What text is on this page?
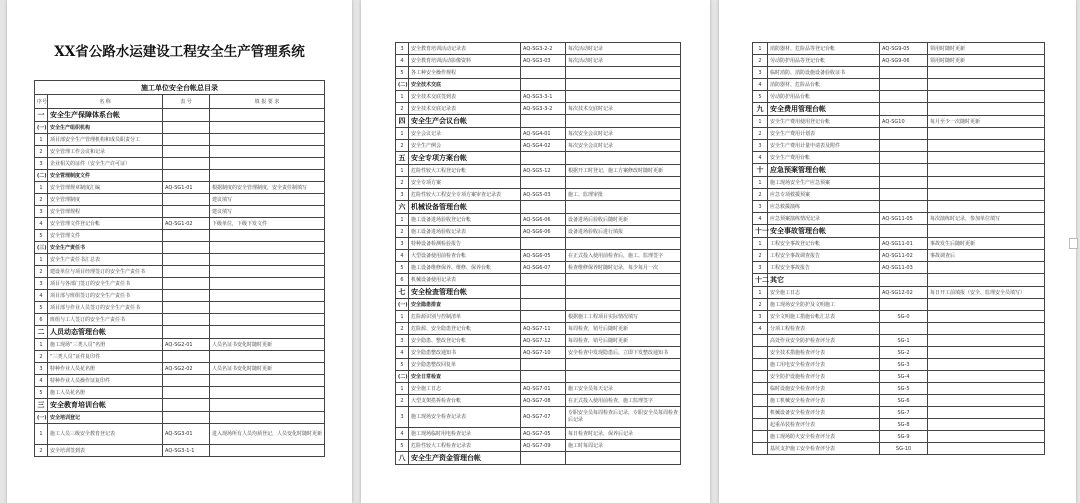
XX省公路水运建设工程安全生产管理系统
施工单位安全台帐总目录			
序号	名 称	表 号	填 报 要 求
一	安全生产保障体系台帐		
(一)	安全生产组织机构		
1	项目部安全生产管理机构和成员职责分工		
2	安全管理工作会议和记录		
3	企业相关的证件（安全生产许可证）		
(二)	安全管理制度文件		
1	安全管理规章制度汇编	AQ-SG1-01	根据制度的安全管理制度，安全责任制填写
2	安全管理制度		建议填写
3	安全管理规程		建议填写
4	安全管理文件登记台帐	AQ-SG1-02	下级单位，下级下发文件
5	安全管理文件		
(三)	安全生产责任书		
1	安全生产责任书汇总表		
2	建设单位与项目经理签订的安全生产责任书		
3	项目与各部门签订的安全生产责任书		
4	项目部与班组签订的安全生产责任书		
5	项目部与作业人员签订的安全生产责任书		
6	班组与工人签订的安全生产责任书		
二	人员动态管理台帐		
1	施工现场“三类人员”名册	AQ-SG2-01	人员名证书变化时随时更新
2	“三类人员”证件复印件		
3	特种作业人员花名册	AQ-SG2-02	人员名证书变化时随时更新
4	特种作业人员操作证复印件		
5	施工人员花名册		
三	安全教育培训台帐		
(一)	安全培训登记		
1	施工人员三级安全教育登记表	AQ-SG3-01	进入现场所有人员均须登记，人员变化时随时更新
2	安全培训签到表	AQ-SG3-1-1	
3	安全教育培训活动记录表	AQ-SG3-2-2	每次活动时记录
4	安全教育培训活动影像资料	AQ-SG3-03	每次活动时记录
5	各工种安全操作规程		
(二)	安全技术交底		
1	安全技术交底签到表	AQ-SG3-3-1	
2	安全技术交底记录表	AQ-SG3-3-2	每次技术交底时记录
四	安全生产会议台帐		
1	安全会议记录	AQ-SG4-01	每次安全会议时记录
2	安全生产例会	AQ-SG4-02	每次安全会议时记录
五	安全专项方案台帐		
1	危险性较大工程登记台帐	AQ-SG5-12	根据开工时登记，施工方案修改时随时更新
2	安全专项方案		
3	危险性较大工程安全专项方案审查记录表	AQ-SG5-03	施工、监理审批
六	机械设备管理台帐		
1	施工设备进场验收登记台帐	AQ-SG6-06	设备进场后验收后随时更新
2	施工设备进场验收记录表	AQ-SG6-06	设备进场验收后进行填报
3	特种设备检测检验报告		
4	大型设备使用前检查台帐	AQ-SG6-05	在正式投入使用前检查后，施工、监理签字
5	施工设备维修保养、维修、保养台帐	AQ-SG6-07	检查维修保养时随时记录，每少每月一次
6	机械设备使用记录表		
七	安全检查管理台帐		
(一)	安全隐患排查		
1	危险源识别与控制清单		根据施工工程项目实际情况填写
2	危险源、安全隐患登记台帐	AQ-SG7-11	每周检查，销号后随时更新
3	安全隐患、整改登记台帐	AQ-SG7-12	每周检查，销号后随时更新
4	安全隐患整改通知书	AQ-SG7-10	安全检查中发现隐患后，立即下发整改通知书
5	安全隐患整改回复单		
(二)	安全日常检查		
1	安全施工日志	AQ-SG7-01	施工安全员每天记录
2	大型支架搭拆检查台帐	AQ-SG7-08	在正式投入使用前检查，施工监理签字
3	施工现场安全检查记录表	AQ-SG7-07	专职安全员每周检查后记录，专职安全员每周检查后记录
4	施工现场临时用电检查记录	AQ-SG7-05	每日检查时记录，保养后记录
5	危险性较大工程检查记录表	AQ-SG7-09	施工时每周记录
八	安全生产资金管理台帐		
1	消防器材、危险品等登记台帐	AQ-SG9-05	领用时随时更新
2	劳动防护用品等登记台帐	AQ-SG9-06	领用时随时更新
3	临时消防、消防设施设备验收证书		
4	消防器材、危险品台帐		
5	劳动防护用品台帐		
九	安全费用管理台帐		
1	安全生产费用使用登记台帐	AQ-SG10	每月至少一次随时更新
2	安全生产费用计划表		
3	安全生产费用计量申请表及附件		
4	安全生产费用台帐		
十	应急预案管理台帐		
1	施工现场安全生产应急预案		
2	应急专项救援预案		
3	应急救援演练		
4	应急预案演练情况记录	AQ-SG11-05	每次演练时记录，参加单位填写
十一	安全事故管理台帐		
1	工程安全事故登记台帐	AQ-SG11-01	事故发生后随时更新
2	工程安全事故调查报告	AQ-SG11-02	事故调查后
3	工程安全事故报告	AQ-SG11-03	
十二	其它		
1	安全施工日志	AQ-SG12-02	每日开工前填报（安全、监理安全员填写）
2	施工现场安全防护及文明施工		
3	安全文明施工措施台帐汇总表	SG-0	
4	分项工程检查表		
	高处作业安全防护检查评分表	SG-1	
	安全技术措施检查评分表	SG-2	
	施工用电安全检查评分表	SG-3	
	安全防护设施检查评分表	SG-4	
	临时设施安全检查评分表	SG-5	
	施工机械安全检查评分表	SG-6	
	机械设备安全检查评分表	SG-7	
	起重吊装检查评分表	SG-8	
	施工现场防火安全检查评分表	SG-9	
	基坑支护施工安全检查评分表	SG-10	
